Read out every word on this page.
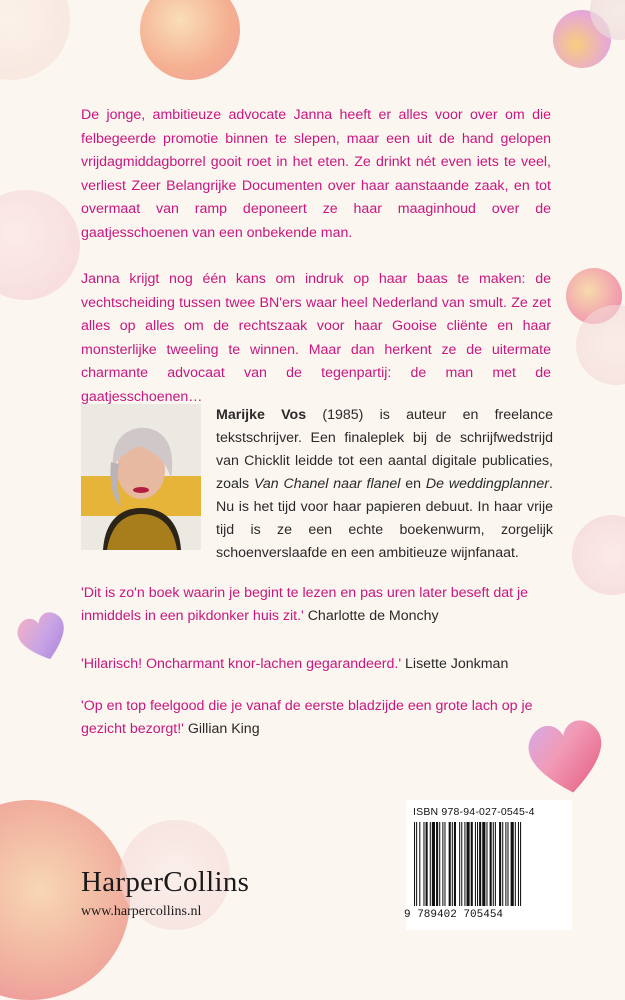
De jonge, ambitieuze advocate Janna heeft er alles voor over om die felbegeerde promotie binnen te slepen, maar een uit de hand gelopen vrijdagmiddagborrel gooit roet in het eten. Ze drinkt nét even iets te veel, verliest Zeer Belangrijke Documenten over haar aanstaande zaak, en tot overmaat van ramp deponeert ze haar maaginhoud over de gaatjesschoenen van een onbekende man.

Janna krijgt nog één kans om indruk op haar baas te maken: de vechtscheiding tussen twee BN'ers waar heel Nederland van smult. Ze zet alles op alles om de rechtszaak voor haar Gooise cliënte en haar monsterlijke tweeling te winnen. Maar dan herkent ze de uitermate charmante advocaat van de tegenpartij: de man met de gaatjesschoenen…

Marijke Vos (1985) is auteur en freelance tekstschrijver. Een finaleplek bij de schrijfwedstrijd van Chicklit leidde tot een aantal digitale publicaties, zoals Van Chanel naar flanel en De weddingplanner. Nu is het tijd voor haar papieren debuut. In haar vrije tijd is ze een echte boekenwurm, zorgelijk schoenverslaafde en een ambitieuze wijnfanaat.

'Dit is zo'n boek waarin je begint te lezen en pas uren later beseft dat je inmiddels in een pikdonker huis zit.' Charlotte de Monchy

'Hilarisch! Oncharmant knor-lachen gegarandeerd.' Lisette Jonkman

'Op en top feelgood die je vanaf de eerste bladzijde een grote lach op je gezicht bezorgt!' Gillian King

HarperCollins
www.harpercollins.nl
ISBN 978-94-027-0545-4
9 789402 705454
